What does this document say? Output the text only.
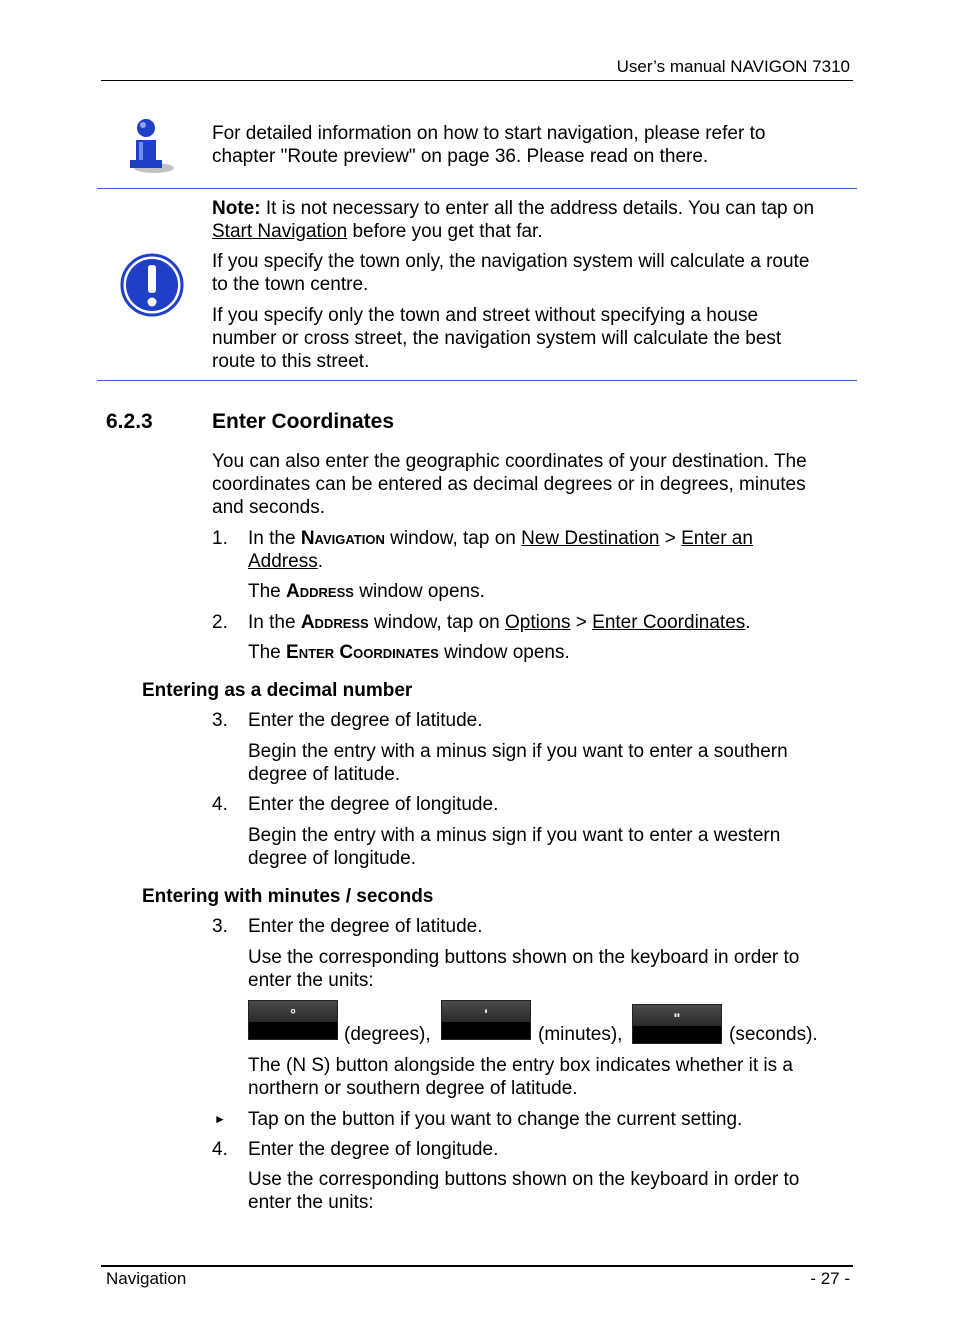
User’s manual NAVIGON 7310
For detailed information on how to start navigation, please refer to
chapter "Route preview" on page 36. Please read on there.
Note: It is not necessary to enter all the address details. You can tap on
Start Navigation before you get that far.
If you specify the town only, the navigation system will calculate a route
to the town centre.
If you specify only the town and street without specifying a house
number or cross street, the navigation system will calculate the best
route to this street.
6.2.3	Enter Coordinates
You can also enter the geographic coordinates of your destination. The
coordinates can be entered as decimal degrees or in degrees, minutes
and seconds.
1. In the Navigation window, tap on New Destination > Enter an
Address.
The Address window opens.
2. In the Address window, tap on Options > Enter Coordinates.
The Enter Coordinates window opens.
Entering as a decimal number
3. Enter the degree of latitude.
Begin the entry with a minus sign if you want to enter a southern
degree of latitude.
4. Enter the degree of longitude.
Begin the entry with a minus sign if you want to enter a western
degree of longitude.
Entering with minutes / seconds
3. Enter the degree of latitude.
Use the corresponding buttons shown on the keyboard in order to
enter the units:
°
(degrees),
'
(minutes),
"
(seconds).
The (N S) button alongside the entry box indicates whether it is a
northern or southern degree of latitude.
► Tap on the button if you want to change the current setting.
4. Enter the degree of longitude.
Use the corresponding buttons shown on the keyboard in order to
enter the units:
Navigation	- 27 -
